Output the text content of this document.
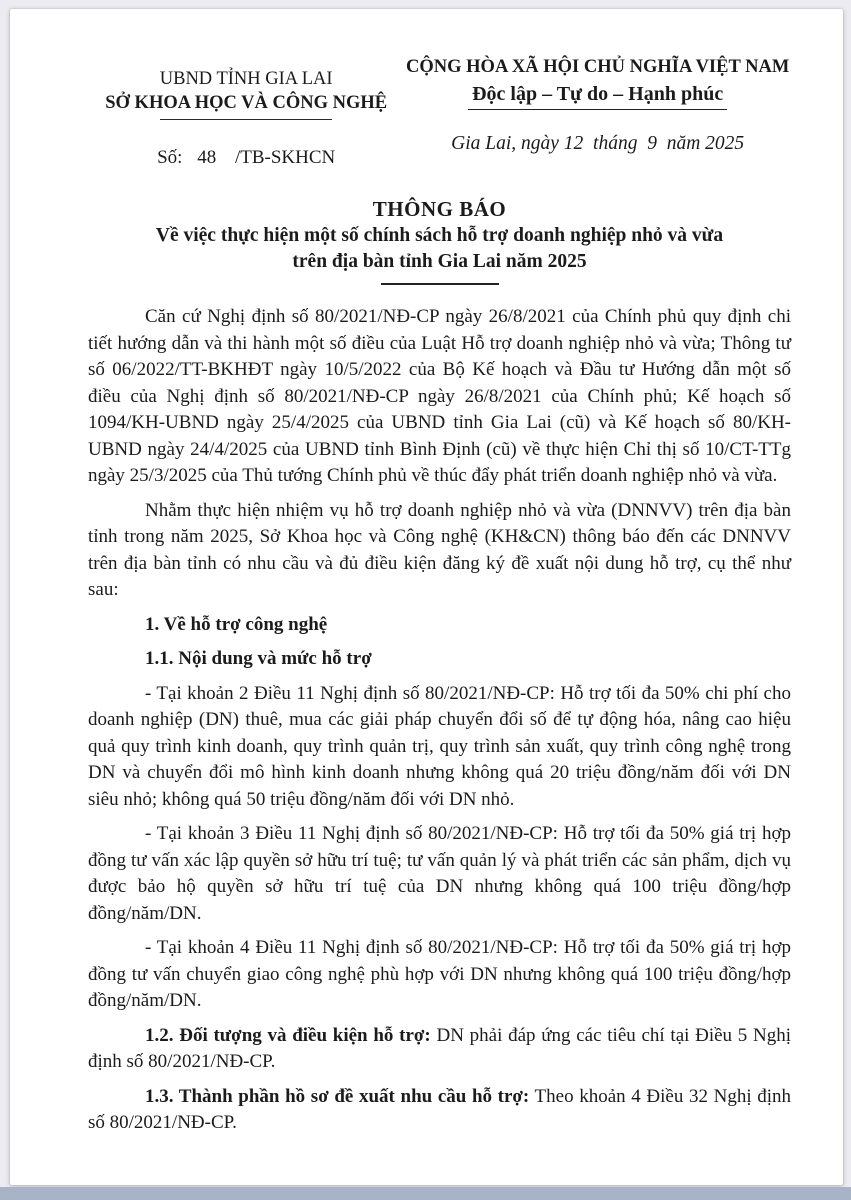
UBND TỈNH GIA LAI
SỞ KHOA HỌC VÀ CÔNG NGHỆ
Số: 48 /TB-SKHCN
CỘNG HÒA XÃ HỘI CHỦ NGHĨA VIỆT NAM
Độc lập – Tự do – Hạnh phúc
Gia Lai, ngày 12  tháng  9  năm 2025
THÔNG BÁO
Về việc thực hiện một số chính sách hỗ trợ doanh nghiệp nhỏ và vừa
trên địa bàn tỉnh Gia Lai năm 2025

Căn cứ Nghị định số 80/2021/NĐ-CP ngày 26/8/2021 của Chính phủ quy định chi tiết hướng dẫn và thi hành một số điều của Luật Hỗ trợ doanh nghiệp nhỏ và vừa; Thông tư số 06/2022/TT-BKHĐT ngày 10/5/2022 của Bộ Kế hoạch và Đầu tư Hướng dẫn một số điều của Nghị định số 80/2021/NĐ-CP ngày 26/8/2021 của Chính phủ; Kế hoạch số 1094/KH-UBND ngày 25/4/2025 của UBND tỉnh Gia Lai (cũ) và Kế hoạch số 80/KH-UBND ngày 24/4/2025 của UBND tỉnh Bình Định (cũ) về thực hiện Chỉ thị số 10/CT-TTg ngày 25/3/2025 của Thủ tướng Chính phủ về thúc đẩy phát triển doanh nghiệp nhỏ và vừa.

Nhằm thực hiện nhiệm vụ hỗ trợ doanh nghiệp nhỏ và vừa (DNNVV) trên địa bàn tỉnh trong năm 2025, Sở Khoa học và Công nghệ (KH&CN) thông báo đến các DNNVV trên địa bàn tỉnh có nhu cầu và đủ điều kiện đăng ký đề xuất nội dung hỗ trợ, cụ thể như sau:

1. Về hỗ trợ công nghệ

1.1. Nội dung và mức hỗ trợ

- Tại khoản 2 Điều 11 Nghị định số 80/2021/NĐ-CP: Hỗ trợ tối đa 50% chi phí cho doanh nghiệp (DN) thuê, mua các giải pháp chuyển đổi số để tự động hóa, nâng cao hiệu quả quy trình kinh doanh, quy trình quản trị, quy trình sản xuất, quy trình công nghệ trong DN và chuyển đổi mô hình kinh doanh nhưng không quá 20 triệu đồng/năm đối với DN siêu nhỏ; không quá 50 triệu đồng/năm đối với DN nhỏ.

- Tại khoản 3 Điều 11 Nghị định số 80/2021/NĐ-CP: Hỗ trợ tối đa 50% giá trị hợp đồng tư vấn xác lập quyền sở hữu trí tuệ; tư vấn quản lý và phát triển các sản phẩm, dịch vụ được bảo hộ quyền sở hữu trí tuệ của DN nhưng không quá 100 triệu đồng/hợp đồng/năm/DN.

- Tại khoản 4 Điều 11 Nghị định số 80/2021/NĐ-CP: Hỗ trợ tối đa 50% giá trị hợp đồng tư vấn chuyển giao công nghệ phù hợp với DN nhưng không quá 100 triệu đồng/hợp đồng/năm/DN.

1.2. Đối tượng và điều kiện hỗ trợ: DN phải đáp ứng các tiêu chí tại Điều 5 Nghị định số 80/2021/NĐ-CP.

1.3. Thành phần hồ sơ đề xuất nhu cầu hỗ trợ: Theo khoản 4 Điều 32 Nghị định số 80/2021/NĐ-CP.
